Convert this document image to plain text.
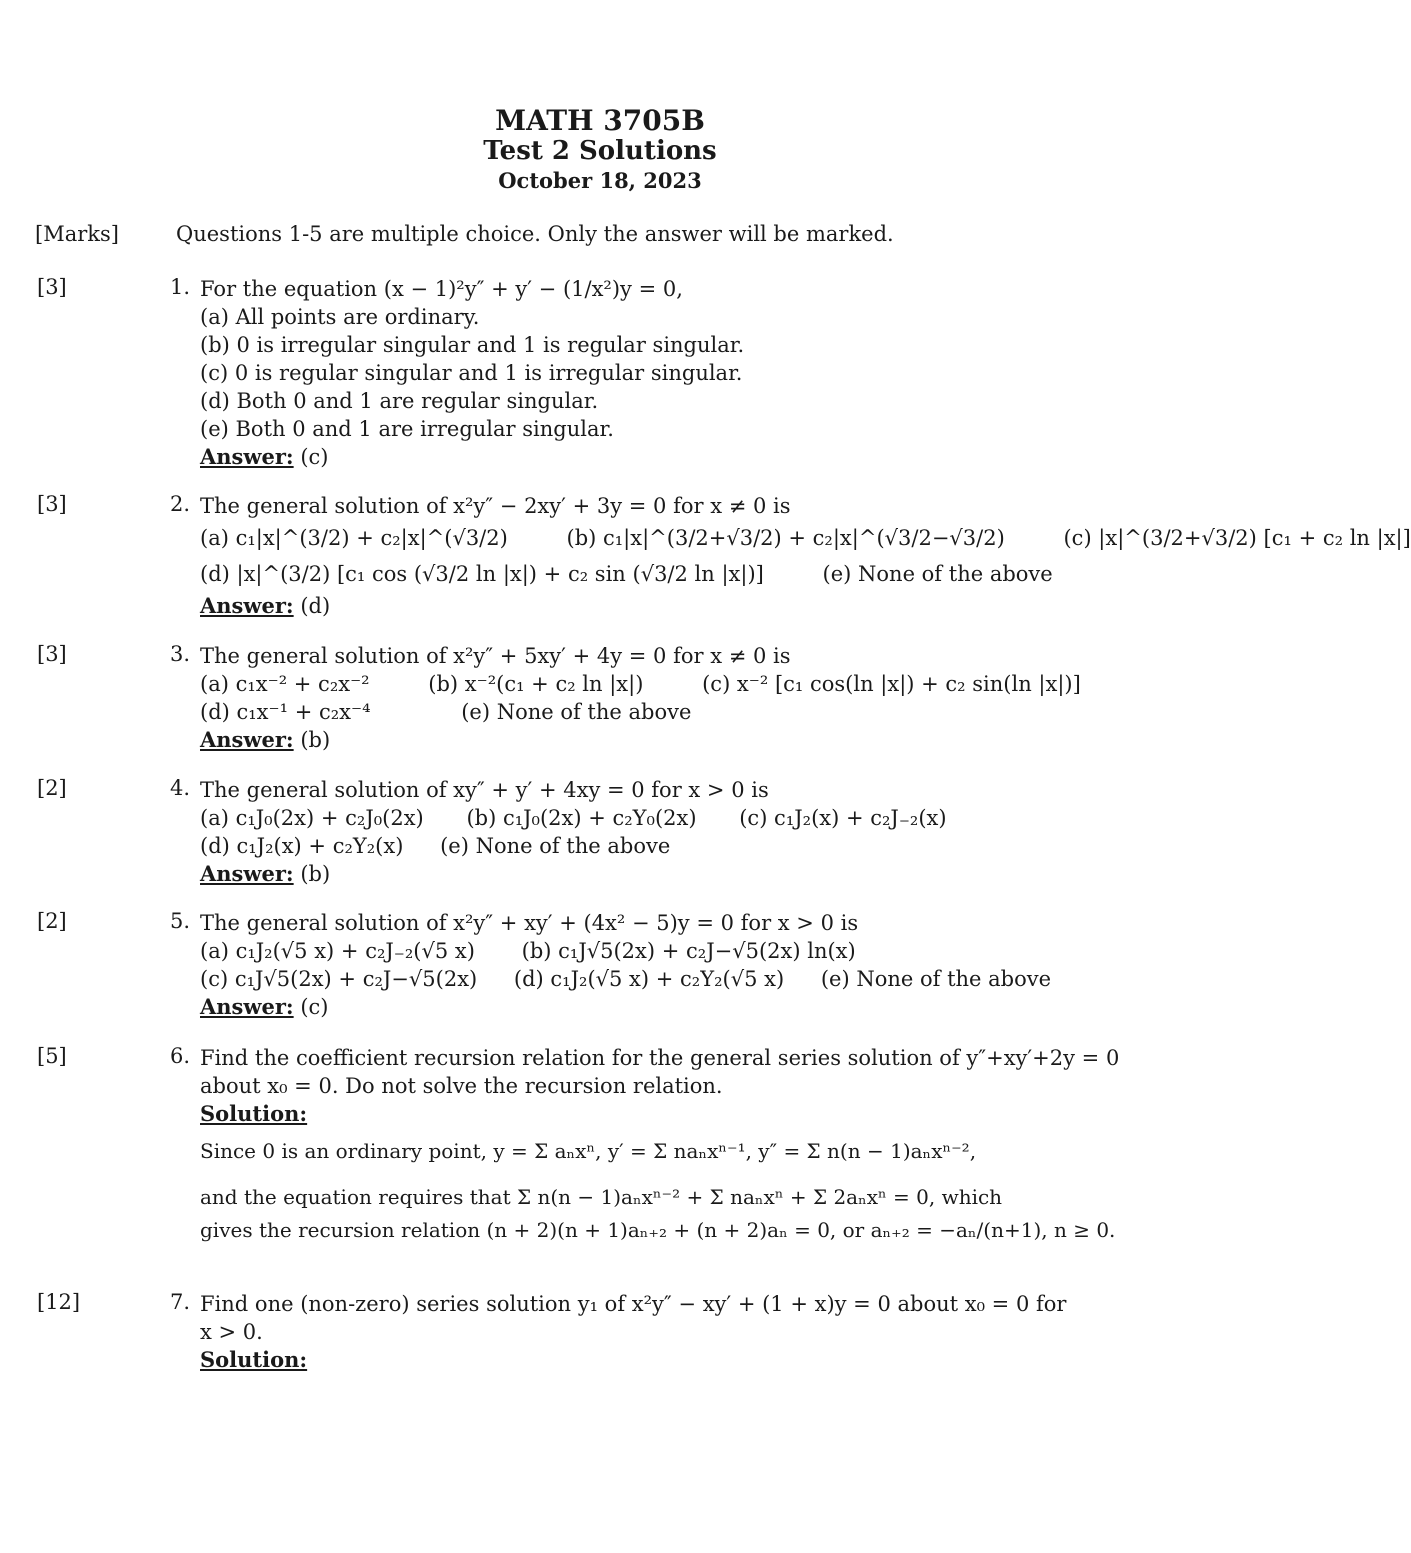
MATH 3705B
Test 2 Solutions
October 18, 2023
[Marks]	Questions 1-5 are multiple choice. Only the answer will be marked.
[3]	1. For the equation (x − 1)²y″ + y′ − (1/x²)y = 0,
(a) All points are ordinary.
(b) 0 is irregular singular and 1 is regular singular.
(c) 0 is regular singular and 1 is irregular singular.
(d) Both 0 and 1 are regular singular.
(e) Both 0 and 1 are irregular singular.
Answer: (c)
[3]	2. The general solution of x²y″ − 2xy′ + 3y = 0 for x ≠ 0 is
(a) c₁|x|^(3/2) + c₂|x|^(√3/2)	(b) c₁|x|^(3/2+√3/2) + c₂|x|^(√3/2−√3/2)	(c) |x|^(3/2+√3/2) [c₁ + c₂ ln |x|]
(d) |x|^(3/2) [c₁ cos (√3/2 ln |x|) + c₂ sin (√3/2 ln |x|)]	(e) None of the above
Answer: (d)
[3]	3. The general solution of x²y″ + 5xy′ + 4y = 0 for x ≠ 0 is
(a) c₁x⁻² + c₂x⁻²	(b) x⁻²(c₁ + c₂ ln |x|)	(c) x⁻² [c₁ cos(ln |x|) + c₂ sin(ln |x|)]
(d) c₁x⁻¹ + c₂x⁻⁴	(e) None of the above
Answer: (b)
[2]	4. The general solution of xy″ + y′ + 4xy = 0 for x > 0 is
(a) c₁J₀(2x) + c₂J₀(2x) (b) c₁J₀(2x) + c₂Y₀(2x) (c) c₁J₂(x) + c₂J₋₂(x)
(d) c₁J₂(x) + c₂Y₂(x) (e) None of the above
Answer: (b)
[2]	5. The general solution of x²y″ + xy′ + (4x² − 5)y = 0 for x > 0 is
(a) c₁J₂(√5 x) + c₂J₋₂(√5 x) (b) c₁J√5(2x) + c₂J−√5(2x) ln(x)
(c) c₁J√5(2x) + c₂J−√5(2x) (d) c₁J₂(√5 x) + c₂Y₂(√5 x) (e) None of the above
Answer: (c)
[5]	6. Find the coefficient recursion relation for the general series solution of y″+xy′+2y = 0
about x₀ = 0. Do not solve the recursion relation.
Solution:
Since 0 is an ordinary point, y = Σ aₙxⁿ, y′ = Σ naₙxⁿ⁻¹, y″ = Σ n(n − 1)aₙxⁿ⁻²,
and the equation requires that Σ n(n − 1)aₙxⁿ⁻² + Σ naₙxⁿ + Σ 2aₙxⁿ = 0, which
gives the recursion relation (n + 2)(n + 1)aₙ₊₂ + (n + 2)aₙ = 0, or aₙ₊₂ = −aₙ/(n+1), n ≥ 0.
[12]	7. Find one (non-zero) series solution y₁ of x²y″ − xy′ + (1 + x)y = 0 about x₀ = 0 for
x > 0.
Solution:
